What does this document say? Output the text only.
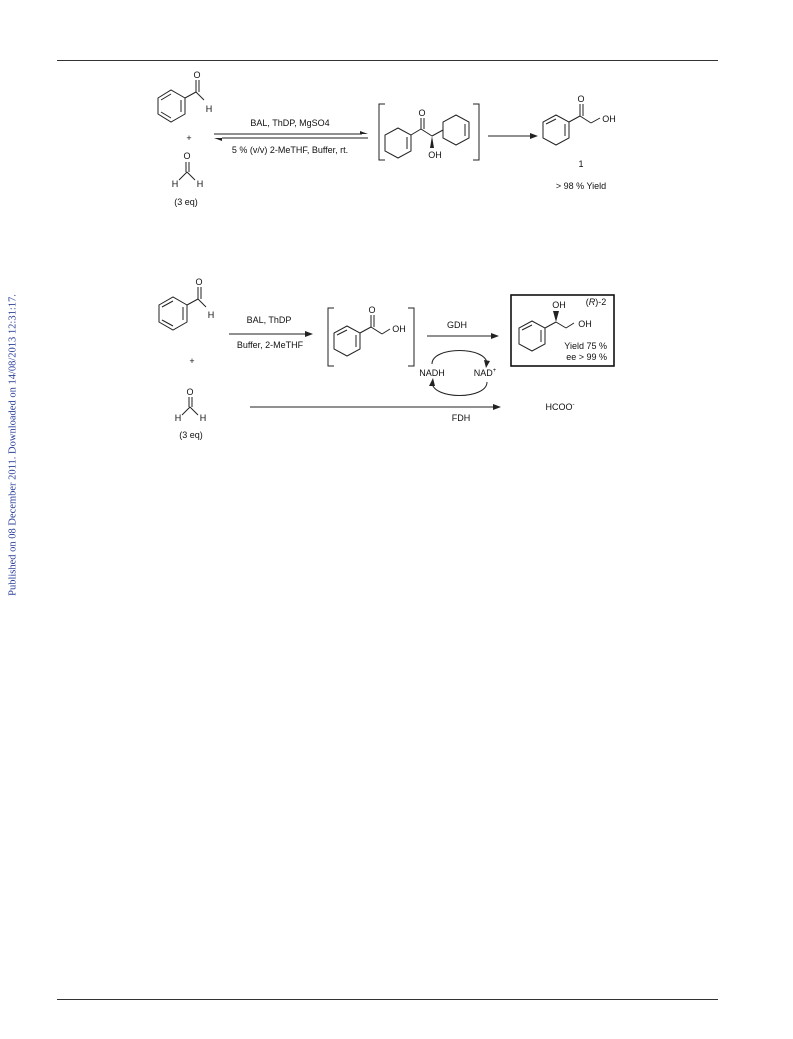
Published on 08 December 2011. Downloaded on 14/08/2013 12:31:17.
O
H
+
O
H H
(3 eq)
BAL, ThDP, MgSO4
5 % (v/v) 2-MeTHF, Buffer, rt.
O
OH
O
OH
1
> 98 % Yield
O
H
+
O
H H
(3 eq)
BAL, ThDP
Buffer, 2-MeTHF
O
OH	GDH
NADH	NAD+
FDH
HCOO-
OH
OH
(R)-2
Yield 75 %
ee > 99 %
